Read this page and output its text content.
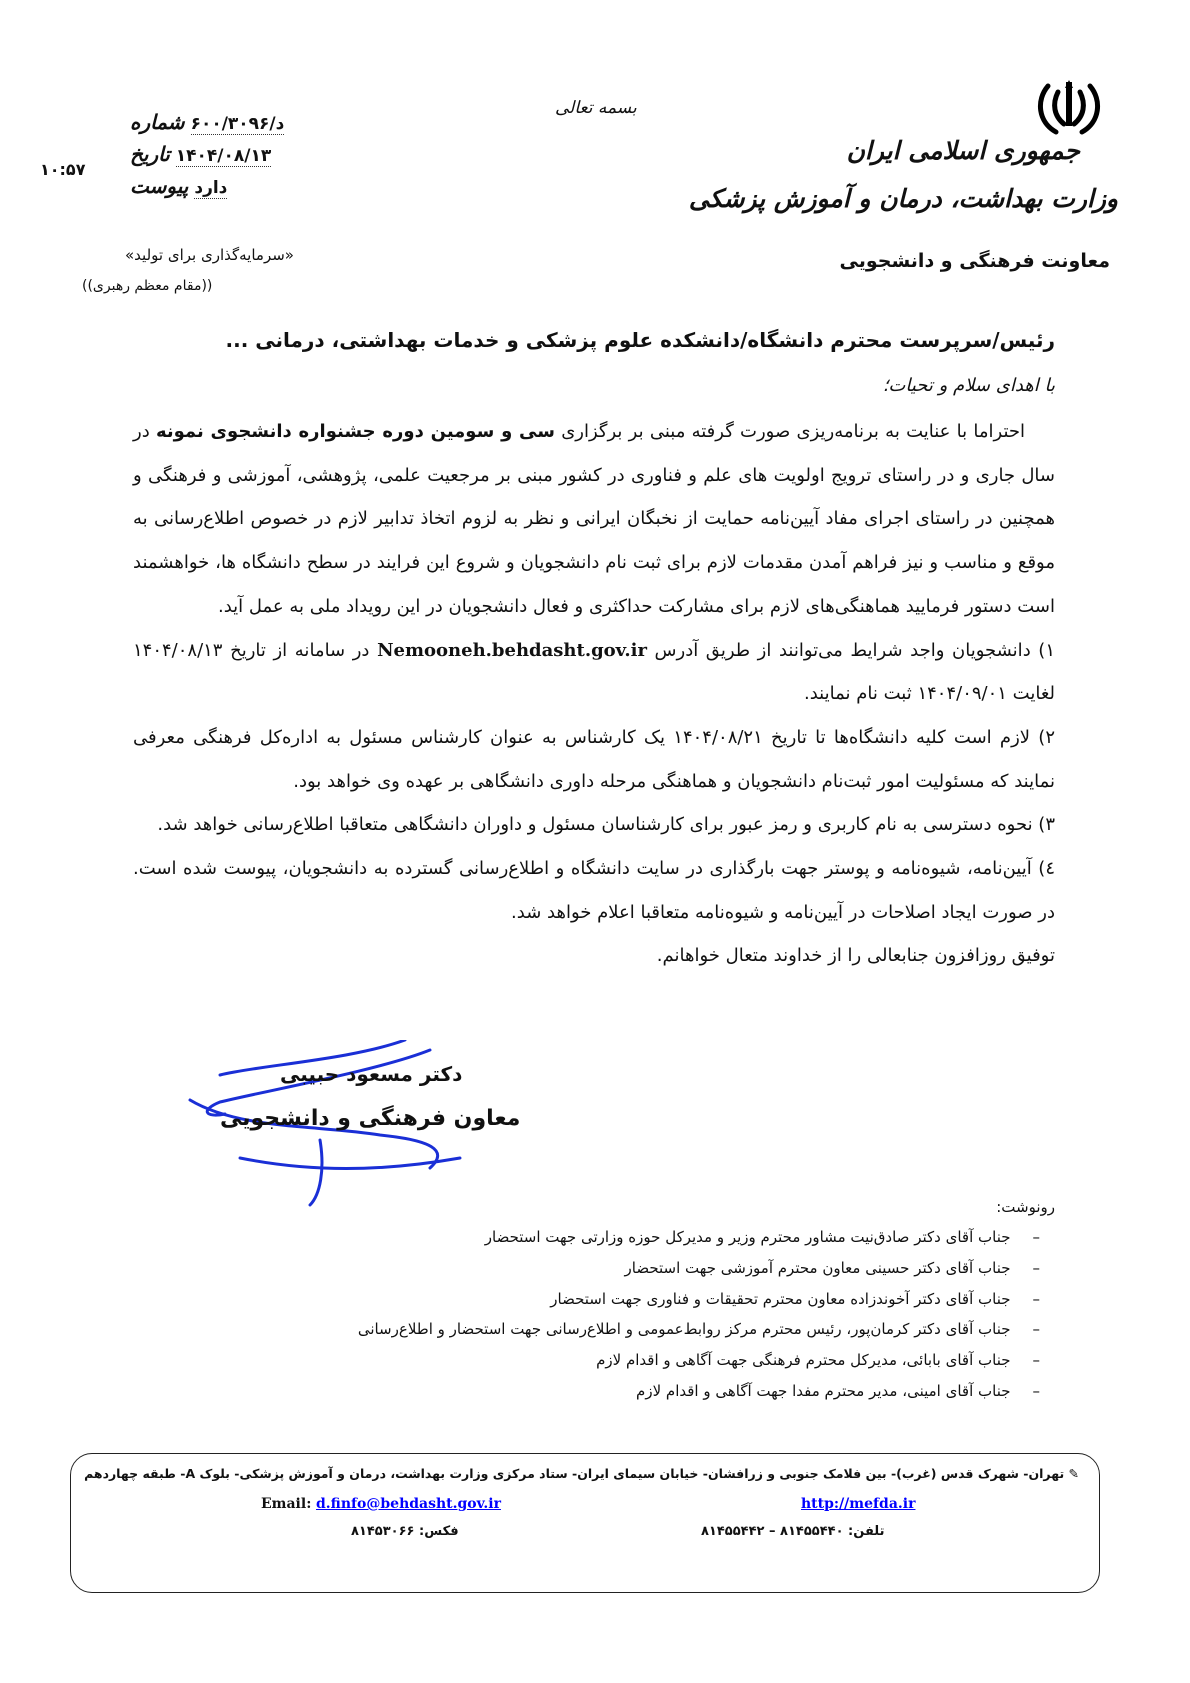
جمهوری اسلامی ایران
وزارت بهداشت، درمان و آموزش پزشکی
معاونت فرهنگی و دانشجویی
بسمه تعالی
شماره د/۶۰۰/۳۰۹۶
تاریخ ۱۴۰۴/۰۸/۱۳
پیوست دارد
۱۰:۵۷
«سرمایه‌گذاری برای تولید»
((مقام معظم رهبری))
رئیس/سرپرست محترم دانشگاه/دانشکده علوم پزشکی و خدمات بهداشتی، درمانی ...
با اهدای سلام و تحیات؛

احتراما با عنایت به برنامه‌ریزی صورت گرفته مبنی بر برگزاری سی و سومین دوره جشنواره دانشجوی نمونه در سال جاری و در راستای ترویج اولویت های علم و فناوری در کشور مبنی بر مرجعیت علمی، پژوهشی، آموزشی و فرهنگی و همچنین در راستای اجرای مفاد آیین‌نامه حمایت از نخبگان ایرانی و نظر به لزوم اتخاذ تدابیر لازم در خصوص اطلاع‌رسانی به موقع و مناسب و نیز فراهم آمدن مقدمات لازم برای ثبت نام دانشجویان و شروع این فرایند در سطح دانشگاه ها، خواهشمند است دستور فرمایید هماهنگی‌های لازم برای مشارکت حداکثری و فعال دانشجویان در این رویداد ملی به عمل آید.

۱) دانشجویان واجد شرایط می‌توانند از طریق آدرس Nemooneh.behdasht.gov.ir در سامانه از تاریخ ۱۴۰۴/۰۸/۱۳ لغایت ۱۴۰۴/۰۹/۰۱ ثبت نام نمایند.

۲) لازم است کلیه دانشگاه‌ها تا تاریخ ۱۴۰۴/۰۸/۲۱ یک کارشناس به عنوان کارشناس مسئول به اداره‌کل فرهنگی معرفی نمایند که مسئولیت امور ثبت‌نام دانشجویان و هماهنگی مرحله داوری دانشگاهی بر عهده وی خواهد بود.

۳) نحوه دسترسی به نام کاربری و رمز عبور برای کارشناسان مسئول و داوران دانشگاهی متعاقبا اطلاع‌رسانی خواهد شد.

٤) آیین‌نامه، شیوه‌نامه و پوستر جهت بارگذاری در سایت دانشگاه و اطلاع‌رسانی گسترده به دانشجویان، پیوست شده است. در صورت ایجاد اصلاحات در آیین‌نامه و شیوه‌نامه متعاقبا اعلام خواهد شد.

توفیق روزافزون جنابعالی را از خداوند متعال خواهانم.

دکتر مسعود حبیبی
معاون فرهنگی و دانشجویی
رونوشت:
– جناب آقای دکتر صادق‌نیت مشاور محترم وزیر و مدیرکل حوزه وزارتی جهت استحضار
– جناب آقای دکتر حسینی معاون محترم آموزشی جهت استحضار
– جناب آقای دکتر آخوندزاده معاون محترم تحقیقات و فناوری جهت استحضار
– جناب آقای دکتر کرمان‌پور، رئیس محترم مرکز روابط‌عمومی و اطلاع‌رسانی جهت استحضار و اطلاع‌رسانی
– جناب آقای بابائی، مدیرکل محترم فرهنگی جهت آگاهی و اقدام لازم
– جناب آقای امینی، مدیر محترم مفدا جهت آگاهی و اقدام لازم
✎ تهران- شهرک قدس (غرب)- بین فلامک جنوبی و زرافشان- خیابان سیمای ایران- ستاد مرکزی وزارت بهداشت، درمان و آموزش پزشکی- بلوک A- طبقه چهاردهم
http://mefda.ir
Email: d.finfo@behdasht.gov.ir
تلفن: ۸۱۴۵۵۴۴۰ – ۸۱۴۵۵۴۴۲
فکس: ۸۱۴۵۳۰۶۶
